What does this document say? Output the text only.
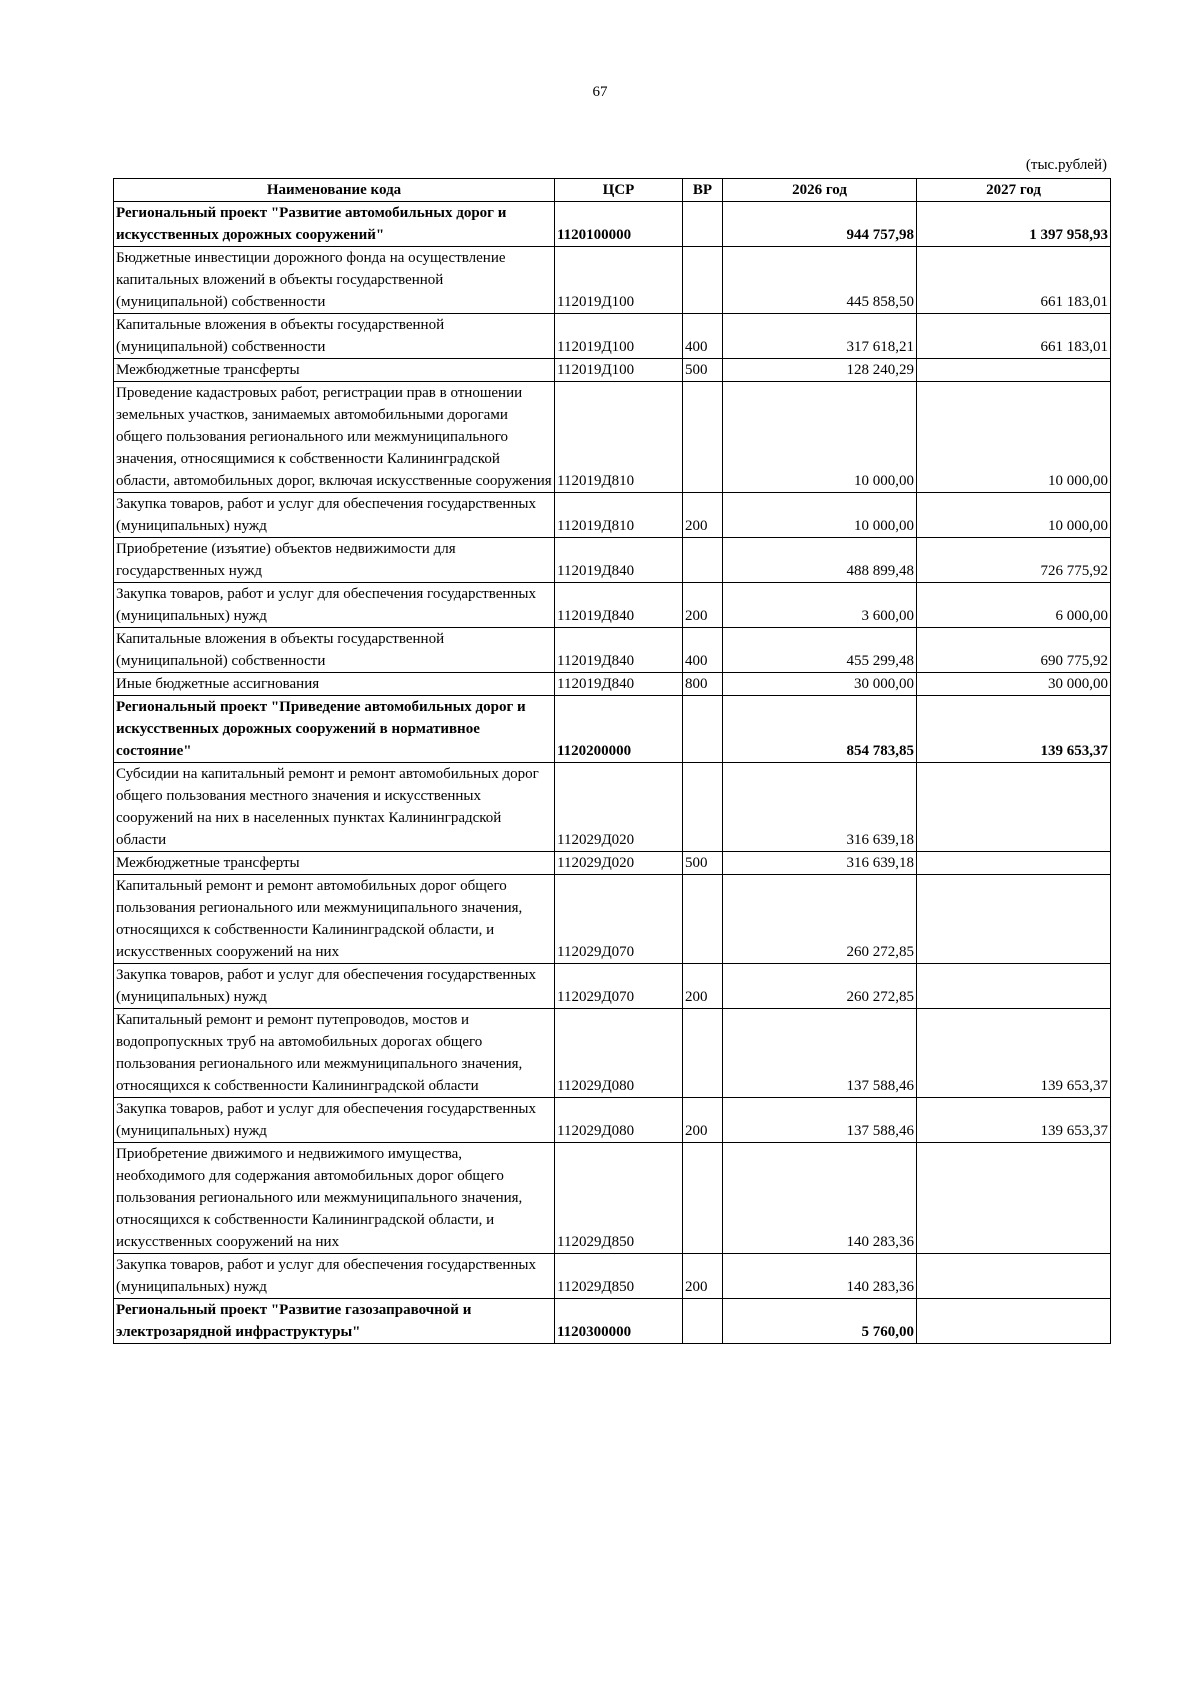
67
(тыс.рублей)
Наименование кода	ЦСР	ВР	2026 год	2027 год
Региональный проект "Развитие автомобильных дорог и искусственных дорожных сооружений"	1120100000		944 757,98	1 397 958,93
Бюджетные инвестиции дорожного фонда на осуществление капитальных вложений в объекты государственной (муниципальной) собственности	112019Д100		445 858,50	661 183,01
Капитальные вложения в объекты государственной (муниципальной) собственности	112019Д100	400	317 618,21	661 183,01
Межбюджетные трансферты	112019Д100	500	128 240,29	
Проведение кадастровых работ, регистрации прав в отношении земельных участков, занимаемых автомобильными дорогами общего пользования регионального или межмуниципального значения, относящимися к собственности Калининградской области, автомобильных дорог, включая искусственные сооружения	112019Д810		10 000,00	10 000,00
Закупка товаров, работ и услуг для обеспечения государственных (муниципальных) нужд	112019Д810	200	10 000,00	10 000,00
Приобретение (изъятие) объектов недвижимости для государственных нужд	112019Д840		488 899,48	726 775,92
Закупка товаров, работ и услуг для обеспечения государственных (муниципальных) нужд	112019Д840	200	3 600,00	6 000,00
Капитальные вложения в объекты государственной (муниципальной) собственности	112019Д840	400	455 299,48	690 775,92
Иные бюджетные ассигнования	112019Д840	800	30 000,00	30 000,00
Региональный проект "Приведение автомобильных дорог и искусственных дорожных сооружений в нормативное состояние"	1120200000		854 783,85	139 653,37
Субсидии на капитальный ремонт и ремонт автомобильных дорог общего пользования местного значения и искусственных сооружений на них в населенных пунктах Калининградской области	112029Д020		316 639,18	
Межбюджетные трансферты	112029Д020	500	316 639,18	
Капитальный ремонт и ремонт автомобильных дорог общего пользования регионального или межмуниципального значения, относящихся к собственности Калининградской области, и искусственных сооружений на них	112029Д070		260 272,85	
Закупка товаров, работ и услуг для обеспечения государственных (муниципальных) нужд	112029Д070	200	260 272,85	
Капитальный ремонт и ремонт путепроводов, мостов и водопропускных труб на автомобильных дорогах общего пользования регионального или межмуниципального значения, относящихся к собственности Калининградской области	112029Д080		137 588,46	139 653,37
Закупка товаров, работ и услуг для обеспечения государственных (муниципальных) нужд	112029Д080	200	137 588,46	139 653,37
Приобретение движимого и недвижимого имущества, необходимого для содержания автомобильных дорог общего пользования регионального или межмуниципального значения, относящихся к собственности Калининградской области, и искусственных сооружений на них	112029Д850		140 283,36	
Закупка товаров, работ и услуг для обеспечения государственных (муниципальных) нужд	112029Д850	200	140 283,36	
Региональный проект "Развитие газозаправочной и электрозарядной инфраструктуры"	1120300000		5 760,00	
